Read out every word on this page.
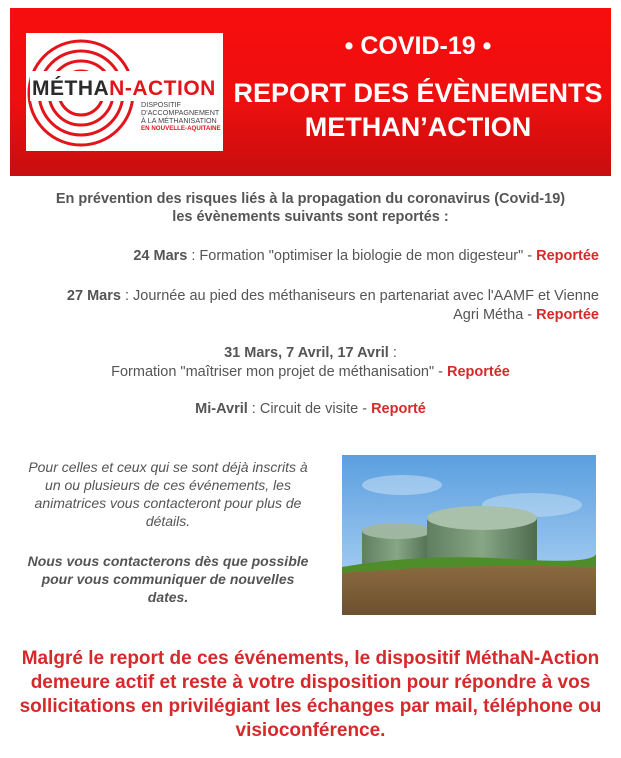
MÉTHAN-ACTION
DISPOSITIF
D'ACCOMPAGNEMENT
À LA MÉTHANISATION
EN NOUVELLE-AQUITAINE
• COVID-19 •
REPORT DES ÉVÈNEMENTS
METHAN’ACTION
En prévention des risques liés à la propagation du coronavirus (Covid-19)
les évènements suivants sont reportés :
24 Mars : Formation "optimiser la biologie de mon digesteur" - Reportée
27 Mars : Journée au pied des méthaniseurs en partenariat avec l'AAMF et Vienne Agri Métha - Reportée
31 Mars, 7 Avril, 17 Avril :
Formation "maîtriser mon projet de méthanisation" - Reportée
Mi-Avril : Circuit de visite - Reporté
Pour celles et ceux qui se sont déjà inscrits à un ou plusieurs de ces événements, les animatrices vous contacteront pour plus de détails.
Nous vous contacterons dès que possible pour vous communiquer de nouvelles dates.
Malgré le report de ces événements, le dispositif MéthaN-Action demeure actif et reste à votre disposition pour répondre à vos sollicitations en privilégiant les échanges par mail, téléphone ou visioconférence.
